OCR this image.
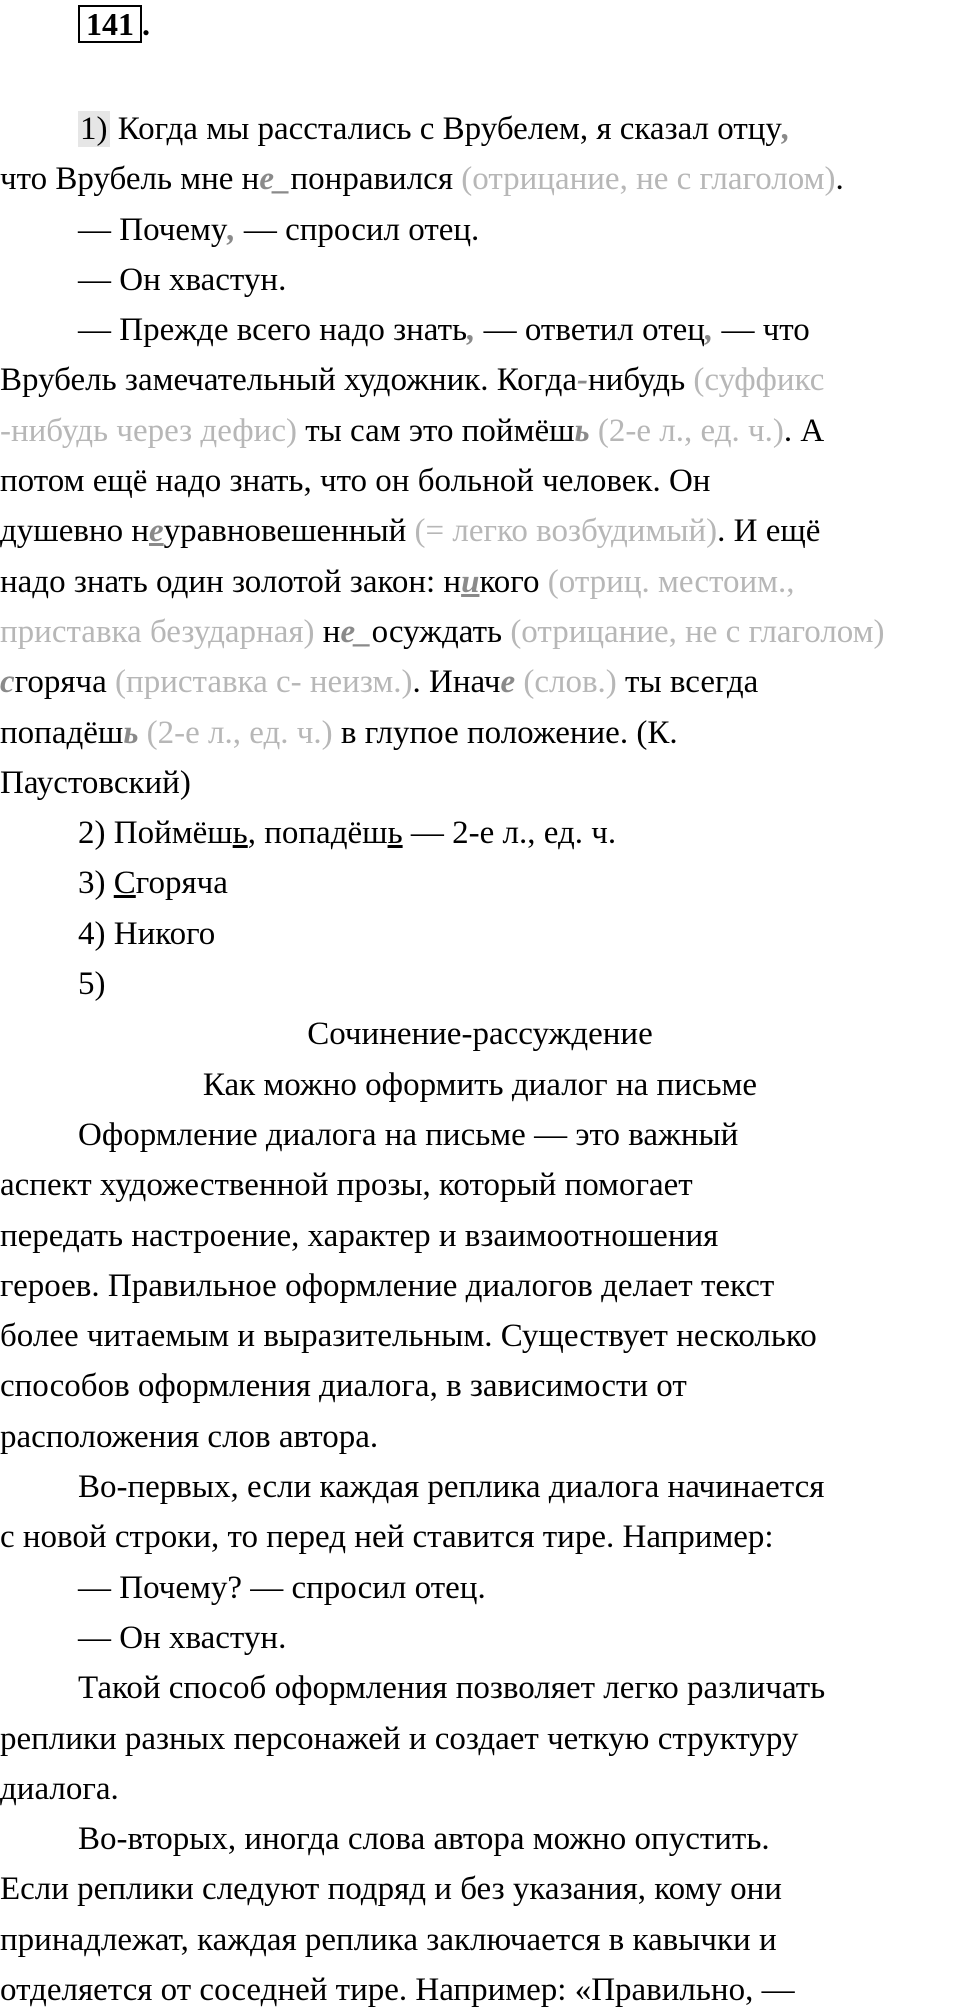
141 .

1) Когда мы расстались с Врубелем, я сказал отцу,

что Врубель мне не_понравился (отрицание, не с глаголом).

— Почему, — спросил отец.

— Он хвастун.

— Прежде всего надо знать, — ответил отец, — что

Врубель замечательный художник. Когда-нибудь (суффикс

-нибудь через дефис) ты сам это поймёшь (2-е л., ед. ч.). А

потом ещё надо знать, что он больной человек. Он

душевно неуравновешенный (= легко возбудимый). И ещё

надо знать один золотой закон: никого (отриц. местоим.,

приставка безударная) не_осуждать (отрицание, не с глаголом)

сгоряча (приставка с- неизм.). Иначе (слов.) ты всегда

попадёшь (2-е л., ед. ч.) в глупое положение. (К.

Паустовский)

2) Поймёшь, попадёшь — 2-е л., ед. ч.

3) Сгоряча

4) Никого

5)

Сочинение-рассуждение

Как можно оформить диалог на письме

Оформление диалога на письме — это важный

аспект художественной прозы, который помогает

передать настроение, характер и взаимоотношения

героев. Правильное оформление диалогов делает текст

более читаемым и выразительным. Существует несколько

способов оформления диалога, в зависимости от

расположения слов автора.

Во-первых, если каждая реплика диалога начинается

с новой строки, то перед ней ставится тире. Например:

— Почему? — спросил отец.

— Он хвастун.

Такой способ оформления позволяет легко различать

реплики разных персонажей и создает четкую структуру

диалога.

Во-вторых, иногда слова автора можно опустить.

Если реплики следуют подряд и без указания, кому они

принадлежат, каждая реплика заключается в кавычки и

отделяется от соседней тире. Например: «Правильно, —
